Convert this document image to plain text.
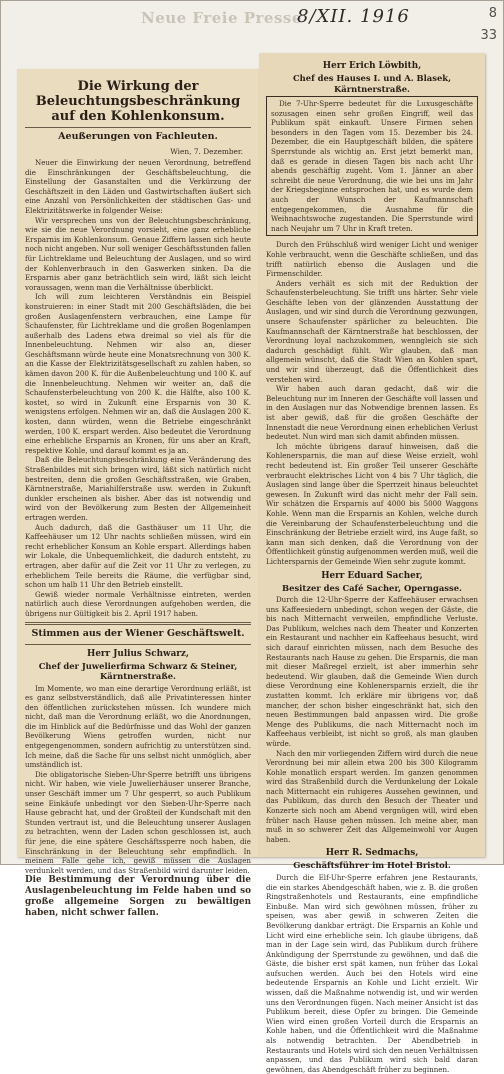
Neue Freie Presse
8/XII. 1916	8
33
Die Wirkung der Beleuchtungsbeschränkung auf den Kohlenkonsum.
Aeußerungen von Fachleuten.
Wien, 7. Dezember.

Neuer die Einwirkung der neuen Verordnung, betreffend die Einschränkungen der Geschäftsbeleuchtung, die Einstellung der Gasanstalten und die Verkürzung der Geschäftszeit in den Läden und Gastwirtschaften äußert sich eine Anzahl von Persönlichkeiten der städtischen Gas- und Elektrizitätswerke in folgender Weise:

Wir versprechen uns von der Beleuchtungsbeschränkung, wie sie die neue Verordnung vorsieht, eine ganz erhebliche Ersparnis im Kohlenkonsum. Genaue Ziffern lassen sich heute noch nicht angeben. Nur soll weniger Geschäftsstunden fallen für Lichtreklame und Beleuchtung der Auslagen, und so wird der Kohlenverbrauch in den Gaswerken sinken. Da die Ersparnis aber ganz beträchtlich sein wird, läßt sich leicht voraussagen, wenn man die Verhältnisse überblickt.

Ich will zum leichteren Verständnis ein Beispiel konstruieren: in einer Stadt mit 200 Geschäftsläden, die bei großen Auslagenfenstern verbrauchen, eine Lampe für Schaufenster, für Lichtreklame und die großen Bogenlampen außerhalb des Ladens etwa dreimal so viel als für die Innenbeleuchtung. Nehmen wir also an, dieser Geschäftsmann würde heute eine Monatsrechnung von 300 K. an die Kasse der Elektrizitätsgesellschaft zu zahlen haben, so kämen davon 200 K. für die Außenbeleuchtung und 100 K. auf die Innenbeleuchtung. Nehmen wir weiter an, daß die Schaufensterbeleuchtung von 200 K. die Hälfte, also 100 K. kostet, so wird in Zukunft eine Ersparnis von 30 K. wenigstens erfolgen. Nehmen wir an, daß die Auslagen 200 K. kosten, dann würden, wenn die Betriebe eingeschränkt werden, 100 K. erspart werden. Also bedeutet die Verordnung eine erhebliche Ersparnis an Kronen, für uns aber an Kraft, respektive Kohle, und darauf kommt es ja an.

Daß die Beleuchtungsbeschränkung eine Veränderung des Straßenbildes mit sich bringen wird, läßt sich natürlich nicht bestreiten, denn die großen Geschäftsstraßen, wie Graben, Kärntnerstraße, Mariahilferstraße usw. werden in Zukunft dunkler erscheinen als bisher. Aber das ist notwendig und wird von der Bevölkerung zum Besten der Allgemeinheit ertragen werden.

Auch dadurch, daß die Gasthäuser um 11 Uhr, die Kaffeehäuser um 12 Uhr nachts schließen müssen, wird ein recht erheblicher Konsum an Kohle erspart. Allerdings haben wir Lokale, die Unbequemlichkeit, die dadurch entsteht, zu ertragen, aber dafür auf die Zeit vor 11 Uhr zu verlegen, zu erheblichem Teile bereits die Räume, die verfügbar sind, schon um halb 11 Uhr den Betrieb einstellt.

Gewiß wieder normale Verhältnisse eintreten, werden natürlich auch diese Verordnungen aufgehoben werden, die übrigens nur Gültigkeit bis 2. April 1917 haben.

Stimmen aus der Wiener Geschäftswelt.
Herr Julius Schwarz,
Chef der Juwelierfirma Schwarz & Steiner, Kärntnerstraße.

Im Momente, wo man eine derartige Verordnung erläßt, ist es ganz selbstverständlich, daß alle Privatinteressen hinter den öffentlichen zurückstehen müssen. Ich wundere mich nicht, daß man die Verordnung erläßt, wo die Anordnungen, die im Hinblick auf die Bedürfnisse und das Wohl der ganzen Bevölkerung Wiens getroffen wurden, nicht nur entgegengenommen, sondern aufrichtig zu unterstützen sind. Ich meine, daß die Sache für uns selbst nicht unmöglich, aber umständlich ist.

Die obligatorische Sieben-Uhr-Sperre betrifft uns übrigens nicht. Wir haben, wie viele Juwelierhäuser unserer Branche, unser Geschäft immer um 7 Uhr gesperrt, so auch Publikum seine Einkäufe unbedingt vor den Sieben-Uhr-Sperre nach Hause gebracht hat, und der Großteil der Kundschaft mit den Stunden vertraut ist, und die Beleuchtung unserer Auslagen zu betrachten, wenn der Laden schon geschlossen ist, auch für jene, die eine spätere Geschäftssperre noch haben, die Einschränkung in der Beleuchtung sehr empfindlich. In meinem Falle gehe ich, gewiß müssen die Auslagen verdunkelt werden, und das Straßenbild wird darunter leiden.

Die Bestimmung der Verordnung über die Auslagenbeleuchtung im Felde haben und so große allgemeine Sorgen zu bewältigen haben, nicht schwer fallen.
Herr Erich Löwbith,
Chef des Hauses I. und A. Blasek, Kärntnerstraße.

Die 7-Uhr-Sperre bedeutet für die Luxusgeschäfte sozusagen einen sehr großen Eingriff, weil das Publikum spät einkauft. Unsere Firmen sehen besonders in den Tagen vom 15. Dezember bis 24. Dezember, die ein Hauptgeschäft bilden, die spätere Sperrstunde als wichtig an. Erst jetzt bemerkt man, daß es gerade in diesen Tagen bis nach acht Uhr abends geschäftig zugeht. Vom 1. Jänner an aber schreibt die neue Verordnung, die wie bei uns im Jahr der Kriegsbeginne entsprochen hat, und es wurde dem auch der Wunsch der Kaufmannschaft entgegengekommen, die Ausnahme für die Weihnachtswoche zugestanden. Die Sperrstunde wird nach Neujahr um 7 Uhr in Kraft treten.

Durch den Frühschluß wird weniger Licht und weniger Kohle verbraucht, wenn die Geschäfte schließen, und das trifft natürlich ebenso die Auslagen und die Firmenschilder.

Anders verhält es sich mit der Reduktion der Schaufensterbeleuchtung. Sie trifft uns härter. Sehr viele Geschäfte leben von der glänzenden Ausstattung der Auslagen, und wir sind durch die Verordnung gezwungen, unsere Schaufenster spärlicher zu beleuchten. Die Kaufmannschaft der Kärntnerstraße hat beschlossen, der Verordnung loyal nachzukommen, wenngleich sie sich dadurch geschädigt fühlt. Wir glauben, daß man allgemein wünscht, daß die Stadt Wien an Kohlen spart, und wir sind überzeugt, daß die Öffentlichkeit dies verstehen wird.

Wir haben auch daran gedacht, daß wir die Beleuchtung nur im Inneren der Geschäfte voll lassen und in den Auslagen nur das Notwendige brennen lassen. Es ist aber gewiß, daß für die großen Geschäfte der Innenstadt die neue Verordnung einen erheblichen Verlust bedeutet. Nun wird man sich damit abfinden müssen.

Ich möchte übrigens darauf hinweisen, daß die Kohlenersparnis, die man auf diese Weise erzielt, wohl recht bedeutend ist. Ein großer Teil unserer Geschäfte verbraucht elektrisches Licht von 4 bis 7 Uhr täglich, die Auslagen sind lange über die Sperrzeit hinaus beleuchtet gewesen. In Zukunft wird das nicht mehr der Fall sein. Wir schätzen die Ersparnis auf 4000 bis 5000 Waggons Kohle. Wenn man die Ersparnis an Kohlen, welche durch die Vereinbarung der Schaufensterbeleuchtung und die Einschränkung der Betriebe erzielt wird, ins Auge faßt, so kann man sich denken, daß die Verordnung von der Öffentlichkeit günstig aufgenommen werden muß, weil die Lichtersparnis der Gemeinde Wien sehr zugute kommt.

Herr Eduard Sacher,
Besitzer des Café Sacher, Operngasse.

Durch die 12-Uhr-Sperre der Kaffeehäuser erwachsen uns Kaffeesiedern unbedingt, schon wegen der Gäste, die bis nach Mitternacht verweilen, empfindliche Verluste. Das Publikum, welches nach dem Theater und Konzerten ein Restaurant und nachher ein Kaffeehaus besucht, wird sich darauf einrichten müssen, nach dem Besuche des Restaurants nach Hause zu gehen. Die Ersparnis, die man mit dieser Maßregel erzielt, ist aber immerhin sehr bedeutend. Wir glauben, daß die Gemeinde Wien durch diese Verordnung eine Kohlenersparnis erzielt, die ihr zustatten kommt. Ich erkläre mir übrigens vor, daß mancher, der schon bisher eingeschränkt hat, sich den neuen Bestimmungen bald anpassen wird. Die große Menge des Publikums, die nach Mitternacht noch im Kaffeehaus verbleibt, ist nicht so groß, als man glauben würde.

Nach den mir vorliegenden Ziffern wird durch die neue Verordnung bei mir allein etwa 200 bis 300 Kilogramm Kohle monatlich erspart werden. Im ganzen genommen wird das Straßenbild durch die Verdunkelung der Lokale nach Mitternacht ein ruhigeres Aussehen gewinnen, und das Publikum, das durch den Besuch der Theater und Konzerte sich noch am Abend vergnügen will, wird eben früher nach Hause gehen müssen. Ich meine aber, man muß in so schwerer Zeit das Allgemeinwohl vor Augen haben.

Herr R. Sedmachs,
Geschäftsführer im Hotel Bristol.

Durch die Elf-Uhr-Sperre erfahren jene Restaurants, die ein starkes Abendgeschäft haben, wie z. B. die großen Ringstraßenhotels und Restaurants, eine empfindliche Einbuße. Man wird sich gewöhnen müssen, früher zu speisen, was aber gewiß in schweren Zeiten die Bevölkerung dankbar erträgt. Die Ersparnis an Kohle und Licht wird eine erhebliche sein. Ich glaube übrigens, daß man in der Lage sein wird, das Publikum durch frühere Ankündigung der Sperrstunde zu gewöhnen, und daß die Gäste, die bisher erst spät kamen, nun früher das Lokal aufsuchen werden. Auch bei den Hotels wird eine bedeutende Ersparnis an Kohle und Licht erzielt. Wir wissen, daß die Maßnahme notwendig ist, und wir werden uns den Verordnungen fügen. Nach meiner Ansicht ist das Publikum bereit, diese Opfer zu bringen. Die Gemeinde Wien wird einen großen Vorteil durch die Ersparnis an Kohle haben, und die Öffentlichkeit wird die Maßnahme als notwendig betrachten. Der Abendbetrieb in Restaurants und Hotels wird sich den neuen Verhältnissen anpassen, und das Publikum wird sich bald daran gewöhnen, das Abendgeschäft früher zu beginnen.
